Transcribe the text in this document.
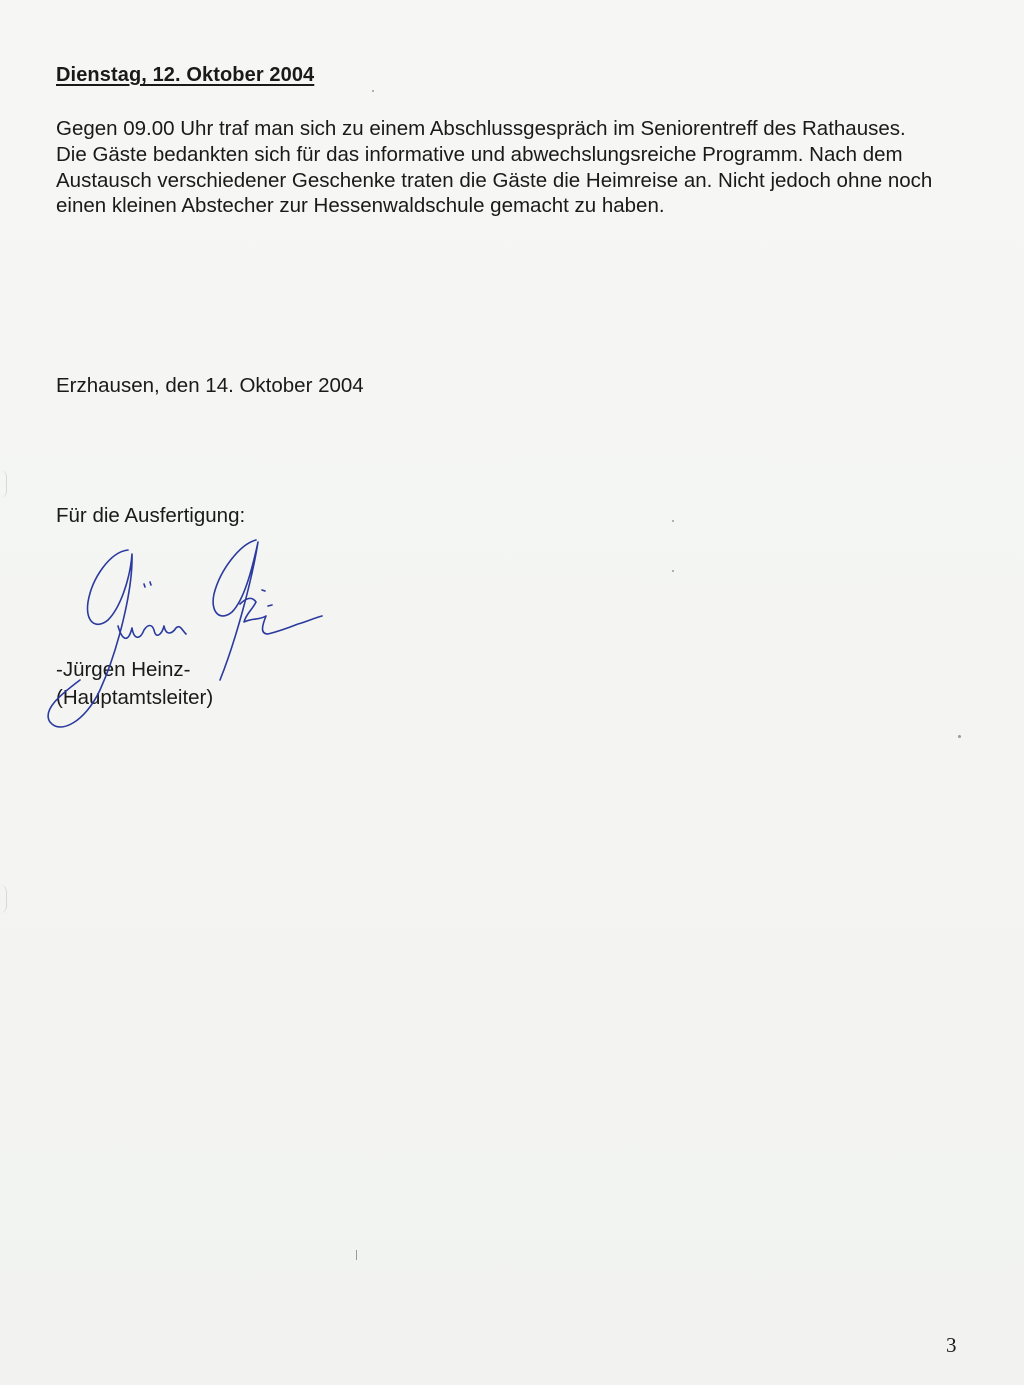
Dienstag, 12. Oktober 2004

Gegen 09.00 Uhr traf man sich zu einem Abschlussgespräch im Seniorentreff des Rathauses. Die Gäste bedankten sich für das informative und abwechslungsreiche Programm. Nach dem Austausch verschiedener Geschenke traten die Gäste die Heimreise an. Nicht jedoch ohne noch einen kleinen Abstecher zur Hessenwaldschule gemacht zu haben.

Erzhausen, den 14. Oktober 2004
Für die Ausfertigung:
-Jürgen Heinz-
(Hauptamtsleiter)
3
